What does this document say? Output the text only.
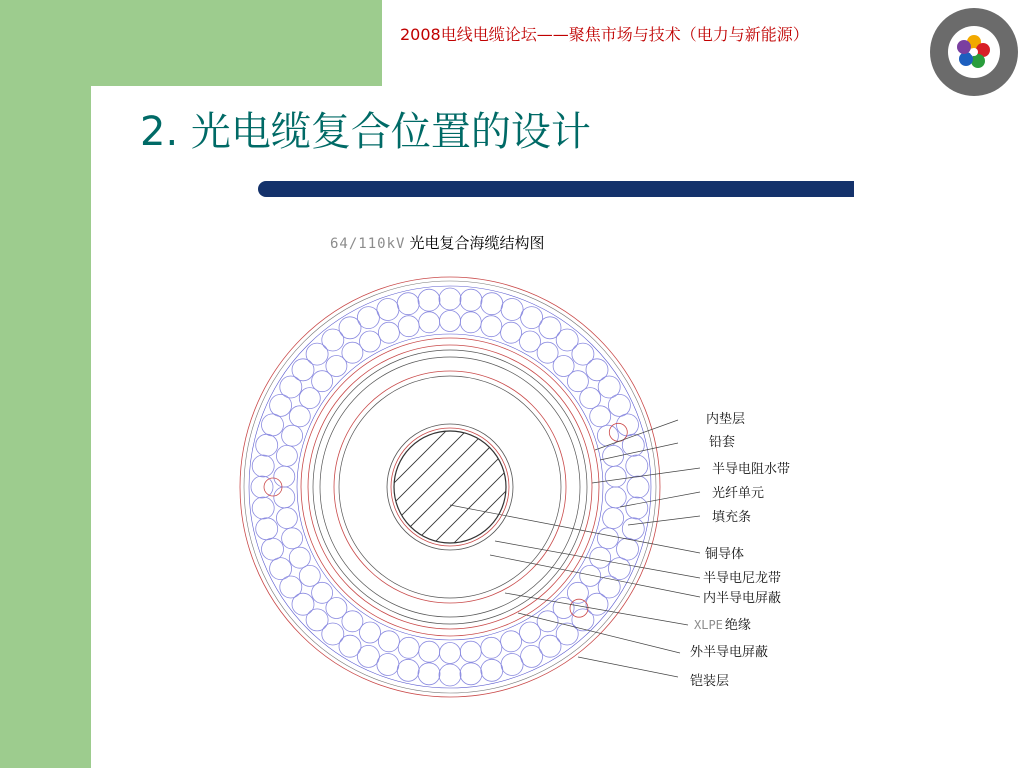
2008电线电缆论坛——聚焦市场与技术（电力与新能源）
2. 光电缆复合位置的设计
64/110kV 光电复合海缆结构图
内垫层
铅套
半导电阻水带
光纤单元
填充条
铜导体
半导电尼龙带
内半导电屏蔽
XLPE 绝缘
外半导电屏蔽
铠装层
